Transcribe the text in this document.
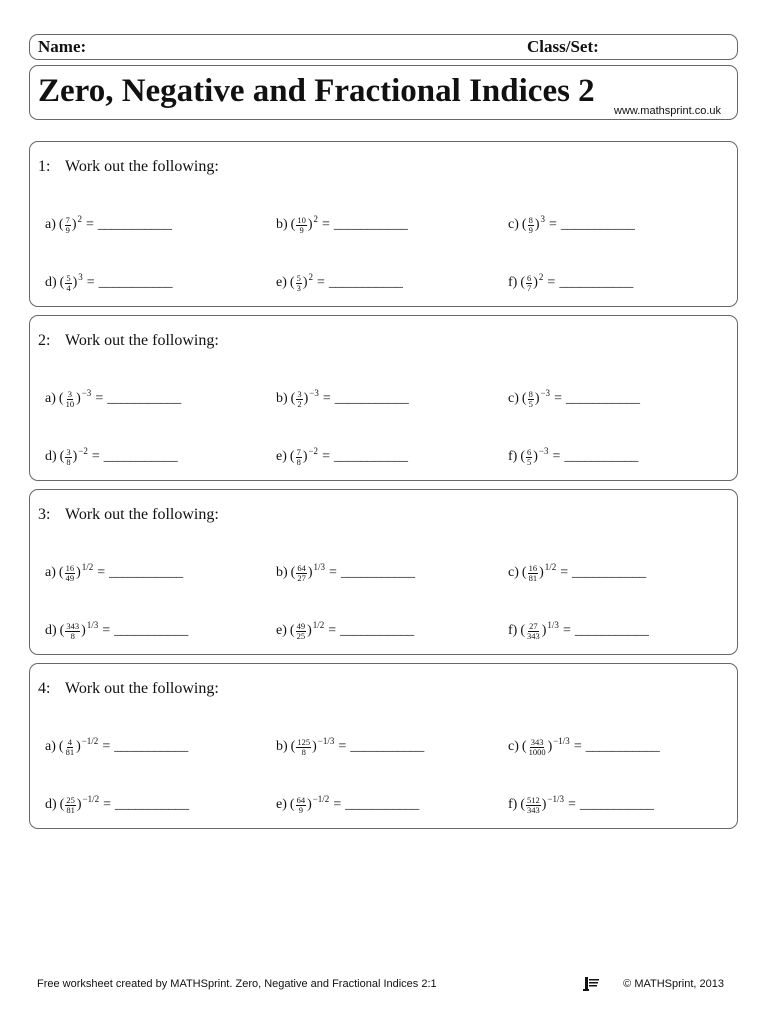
Name:	Class/Set:
Zero, Negative and Fractional Indices 2
www.mathsprint.co.uk
1: Work out the following:
a) ( $\frac{7}{9}$ ) 2 = ___________	b) ( $\frac{10}{9}$ ) 2 = ___________	c) ( $\frac{8}{9}$ ) 3 = ___________
d) ( $\frac{5}{4}$ ) 3 = ___________	e) ( $\frac{5}{3}$ ) 2 = ___________	f) ( $\frac{6}{7}$ ) 2 = ___________
2: Work out the following:
a) ( $\frac{3}{10}$ ) −3 = ___________	b) ( $\frac{3}{2}$ ) −3 = ___________	c) ( $\frac{8}{5}$ ) −3 = ___________
d) ( $\frac{3}{8}$ ) −2 = ___________	e) ( $\frac{7}{8}$ ) −2 = ___________	f) ( $\frac{6}{5}$ ) −3 = ___________
3: Work out the following:
a) ( $\frac{16}{49}$ ) 1/2 = ___________	b) ( $\frac{64}{27}$ ) 1/3 = ___________	c) ( $\frac{16}{81}$ ) 1/2 = ___________
d) ( $\frac{343}{8}$ ) 1/3 = ___________	e) ( $\frac{49}{25}$ ) 1/2 = ___________	f) ( $\frac{27}{343}$ ) 1/3 = ___________
4: Work out the following:
a) ( $\frac{4}{81}$ ) −1/2 = ___________	b) ( $\frac{125}{8}$ ) −1/3 = ___________	c) ( $\frac{343}{1000}$ ) −1/3 = ___________
d) ( $\frac{25}{81}$ ) −1/2 = ___________	e) ( $\frac{64}{9}$ ) −1/2 = ___________	f) ( $\frac{512}{343}$ ) −1/3 = ___________
Free worksheet created by MATHSprint. Zero, Negative and Fractional Indices 2:1	© MATHSprint, 2013
